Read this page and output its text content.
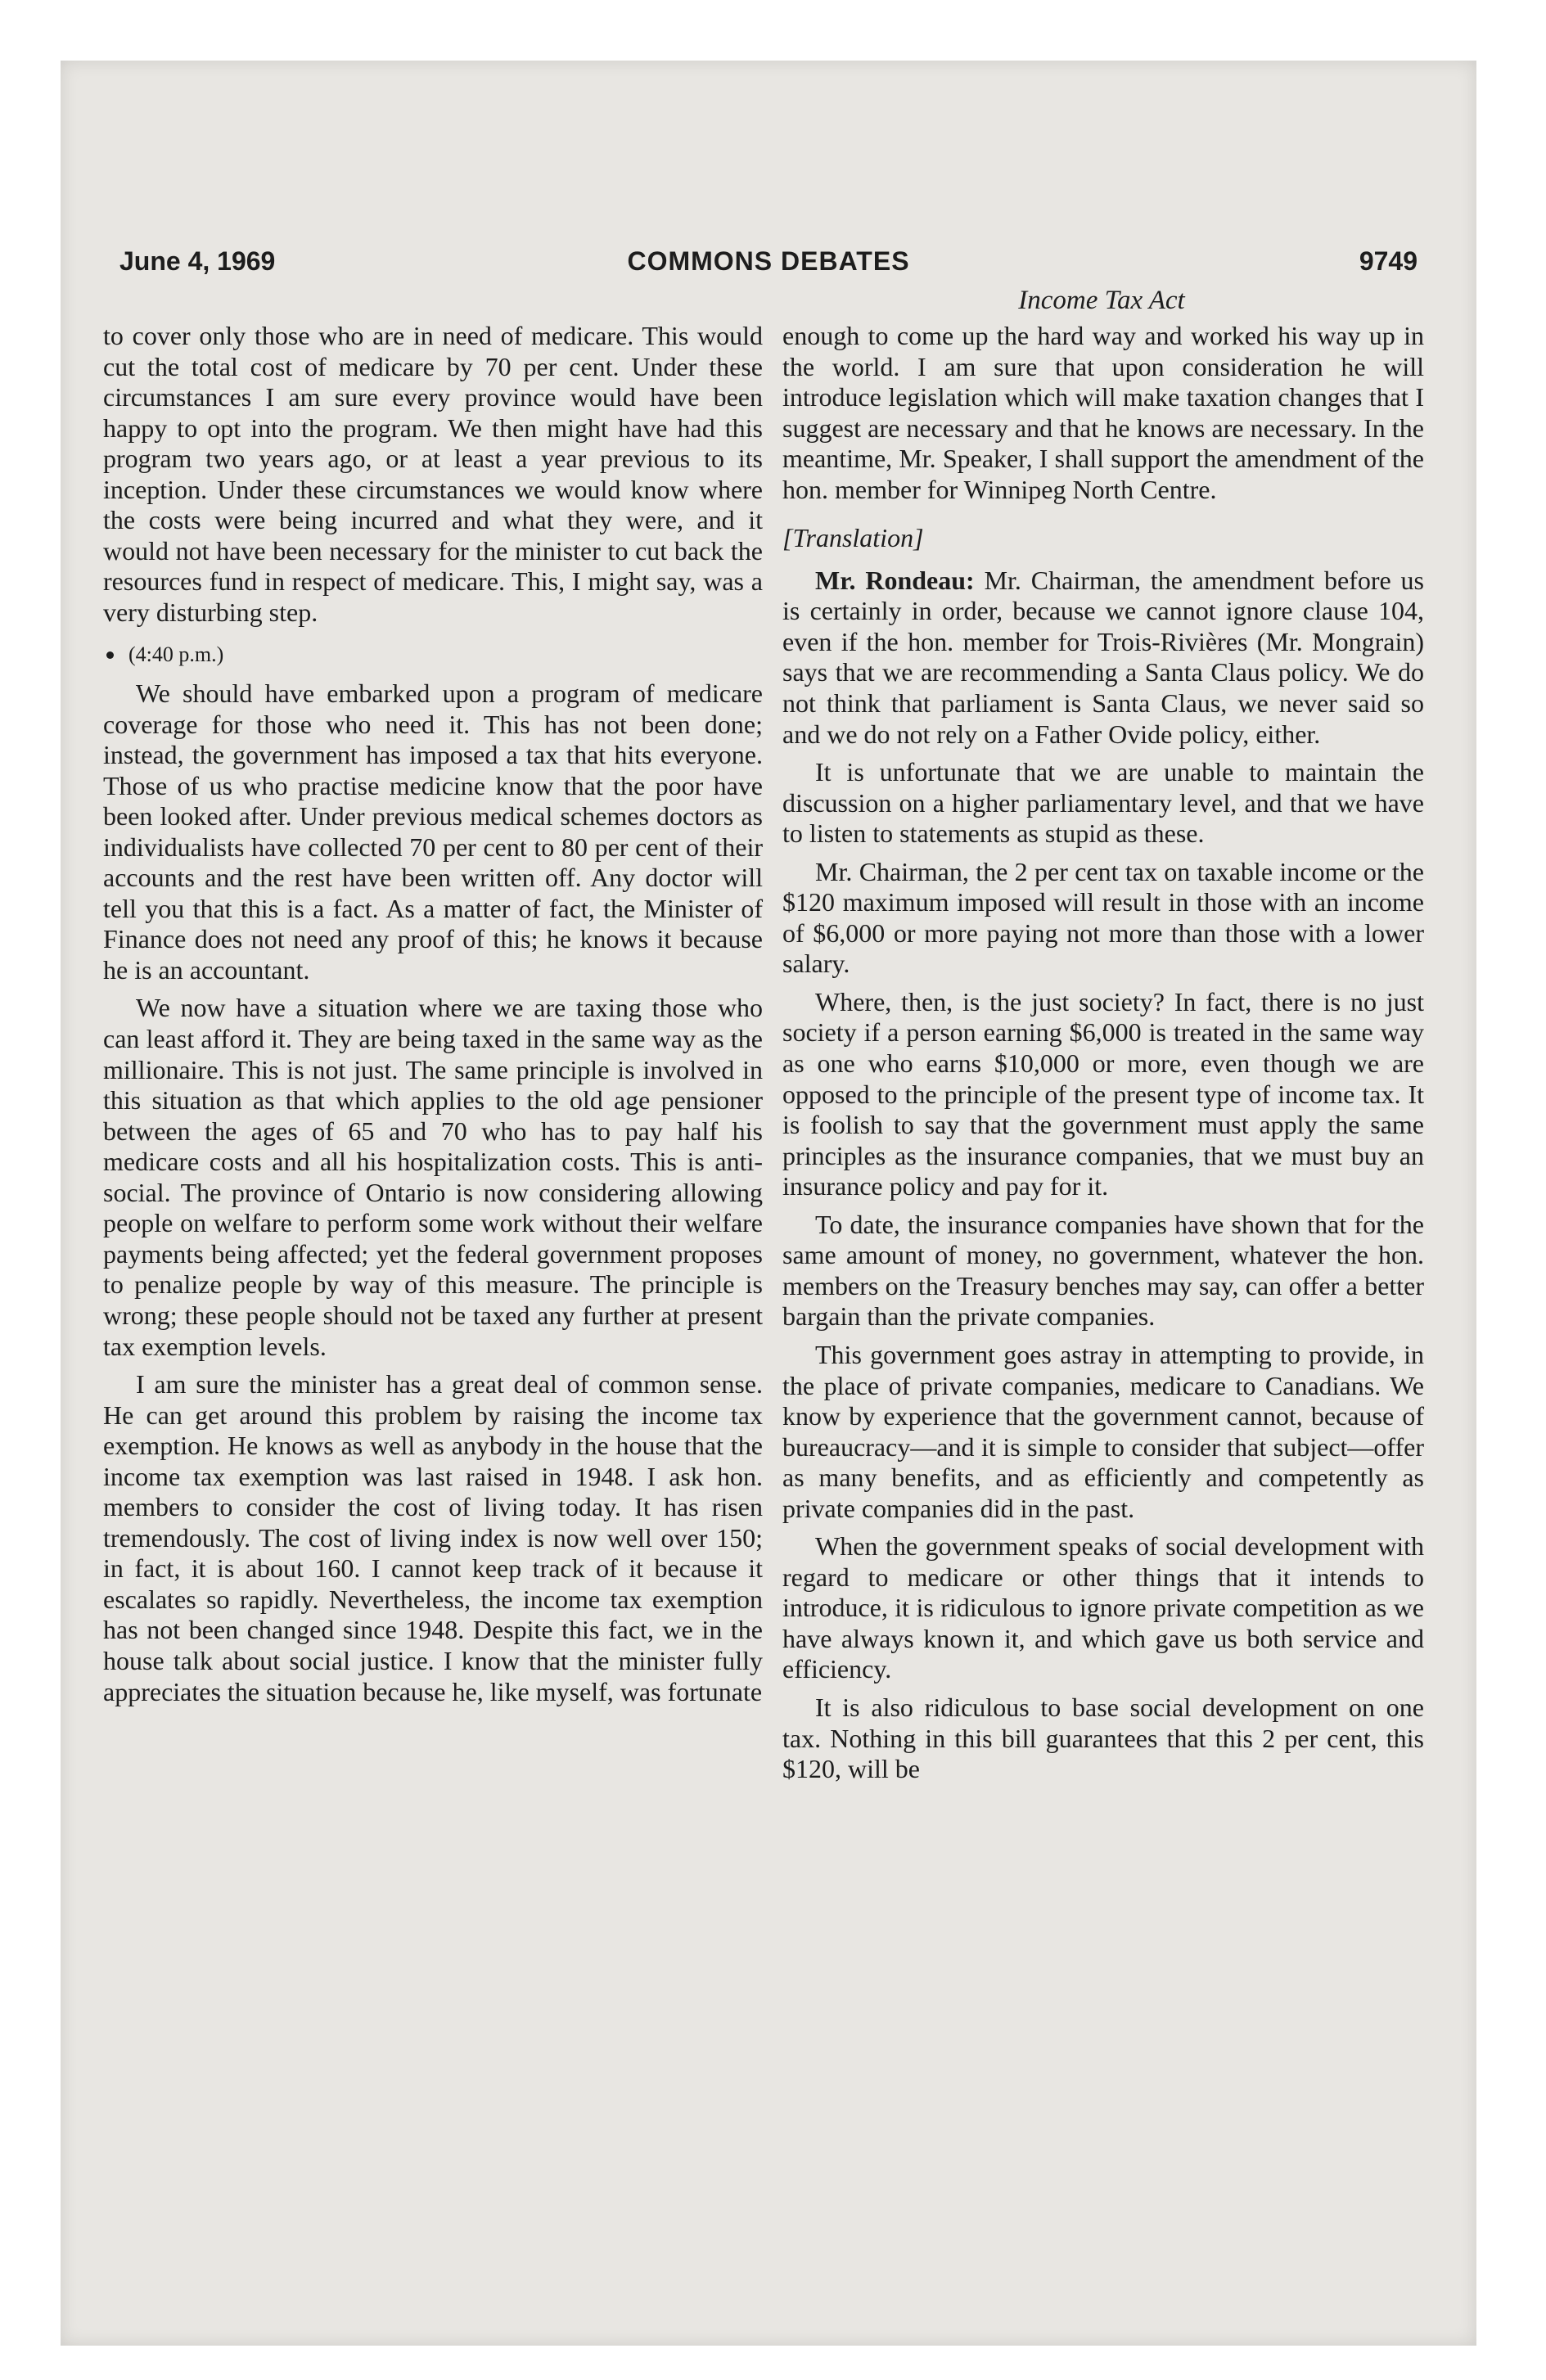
June 4, 1969	COMMONS DEBATES	9749
Income Tax Act

to cover only those who are in need of medicare. This would cut the total cost of medicare by 70 per cent. Under these circumstances I am sure every province would have been happy to opt into the program. We then might have had this program two years ago, or at least a year previous to its inception. Under these circumstances we would know where the costs were being incurred and what they were, and it would not have been necessary for the minister to cut back the resources fund in respect of medicare. This, I might say, was a very disturbing step.

(4:40 p.m.)

We should have embarked upon a program of medicare coverage for those who need it. This has not been done; instead, the government has imposed a tax that hits everyone. Those of us who practise medicine know that the poor have been looked after. Under previous medical schemes doctors as individualists have collected 70 per cent to 80 per cent of their accounts and the rest have been written off. Any doctor will tell you that this is a fact. As a matter of fact, the Minister of Finance does not need any proof of this; he knows it because he is an accountant.

We now have a situation where we are taxing those who can least afford it. They are being taxed in the same way as the millionaire. This is not just. The same principle is involved in this situation as that which applies to the old age pensioner between the ages of 65 and 70 who has to pay half his medicare costs and all his hospitalization costs. This is anti-social. The province of Ontario is now considering allowing people on welfare to perform some work without their welfare payments being affected; yet the federal government proposes to penalize people by way of this measure. The principle is wrong; these people should not be taxed any further at present tax exemption levels.

I am sure the minister has a great deal of common sense. He can get around this problem by raising the income tax exemption. He knows as well as anybody in the house that the income tax exemption was last raised in 1948. I ask hon. members to consider the cost of living today. It has risen tremendously. The cost of living index is now well over 150; in fact, it is about 160. I cannot keep track of it because it escalates so rapidly. Nevertheless, the income tax exemption has not been changed since 1948. Despite this fact, we in the house talk about social justice. I know that the minister fully appreciates the situation because he, like myself, was fortunate

enough to come up the hard way and worked his way up in the world. I am sure that upon consideration he will introduce legislation which will make taxation changes that I suggest are necessary and that he knows are necessary. In the meantime, Mr. Speaker, I shall support the amendment of the hon. member for Winnipeg North Centre.

[Translation]

Mr. Rondeau: Mr. Chairman, the amendment before us is certainly in order, because we cannot ignore clause 104, even if the hon. member for Trois-Rivières (Mr. Mongrain) says that we are recommending a Santa Claus policy. We do not think that parliament is Santa Claus, we never said so and we do not rely on a Father Ovide policy, either.

It is unfortunate that we are unable to maintain the discussion on a higher parliamentary level, and that we have to listen to statements as stupid as these.

Mr. Chairman, the 2 per cent tax on taxable income or the $120 maximum imposed will result in those with an income of $6,000 or more paying not more than those with a lower salary.

Where, then, is the just society? In fact, there is no just society if a person earning $6,000 is treated in the same way as one who earns $10,000 or more, even though we are opposed to the principle of the present type of income tax. It is foolish to say that the government must apply the same principles as the insurance companies, that we must buy an insurance policy and pay for it.

To date, the insurance companies have shown that for the same amount of money, no government, whatever the hon. members on the Treasury benches may say, can offer a better bargain than the private companies.

This government goes astray in attempting to provide, in the place of private companies, medicare to Canadians. We know by experience that the government cannot, because of bureaucracy—and it is simple to consider that subject—offer as many benefits, and as efficiently and competently as private companies did in the past.

When the government speaks of social development with regard to medicare or other things that it intends to introduce, it is ridiculous to ignore private competition as we have always known it, and which gave us both service and efficiency.

It is also ridiculous to base social development on one tax. Nothing in this bill guarantees that this 2 per cent, this $120, will be
